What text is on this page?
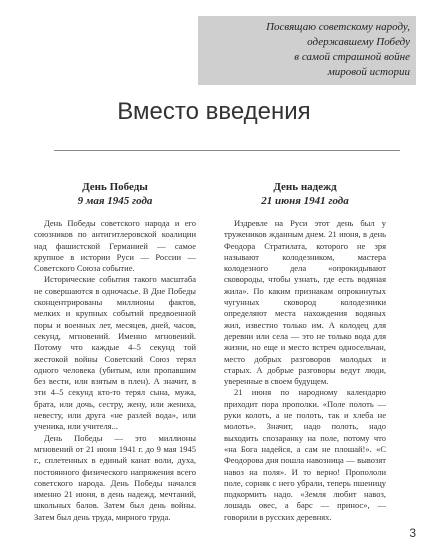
Посвящаю советскому народу,
одержавшему Победу
в самой страшной войне
мировой истории
Вместо введения
День Победы
9 мая 1945 года

День Победы советского народа и его союзников по антигитлеровской коалиции над фашистской Германией — самое крупное в истории Руси — России — Советского Союза событие.

Исторические события такого масштаба не совершаются в одночасье. В Дне Победы сконцентрированы миллионы фактов, мелких и крупных событий предвоенной поры и военных лет, месяцев, дней, часов, секунд, мгновений. Именно мгновений. Потому что каждые 4–5 секунд той жестокой войны Советский Союз терял одного человека (убитым, или пропавшим без вести, или взятым в плен). А значит, в эти 4–5 секунд кто-то терял сына, мужа, брата, или дочь, сестру, жену, или жениха, невесту, или друга «не разлей вода», или ученика, или учителя...

День Победы — это миллионы мгновений от 21 июня 1941 г. до 9 мая 1945 г., сплетенных в единый канат воли, духа, постоянного физического напряжения всего советского народа. День Победы начался именно 21 июня, в день надежд, мечтаний, школьных балов. Затем был день войны. Затем был день труда, мирного труда.

День надежд
21 июня 1941 года

Издревле на Руси этот день был у тружеников жданным днем. 21 июня, в день Феодора Стратилата, которого не зря называют колодезником, мастера колодезного дела «опрокидывают сковороды, чтобы узнать, где есть водяная жила». По каким признакам опрокинутых чугунных сковород колодезники определяют места нахождения водяных жил, известно только им. А колодец для деревни или села — это не только вода для жизни, но еще и место встреч односельчан, место добрых разговоров молодых и старых. А добрые разговоры ведут люди, уверенные в своем будущем.

21 июня по народному календарю приходит пора прополки. «Поле полоть — руки колоть, а не полоть, так и хлеба не молоть». Значит, надо полоть, надо выходить спозаранку на поле, потому что «на Бога надейся, а сам не плошай!». «С Феодорова дня пошла навозница — вывозят навоз на поля». И то верно! Пропололи поле, сорняк с него убрали, теперь пшеницу подкормить надо. «Земля любит навоз, лошадь овес, а барс — принос», — говорили в русских деревнях.

3
